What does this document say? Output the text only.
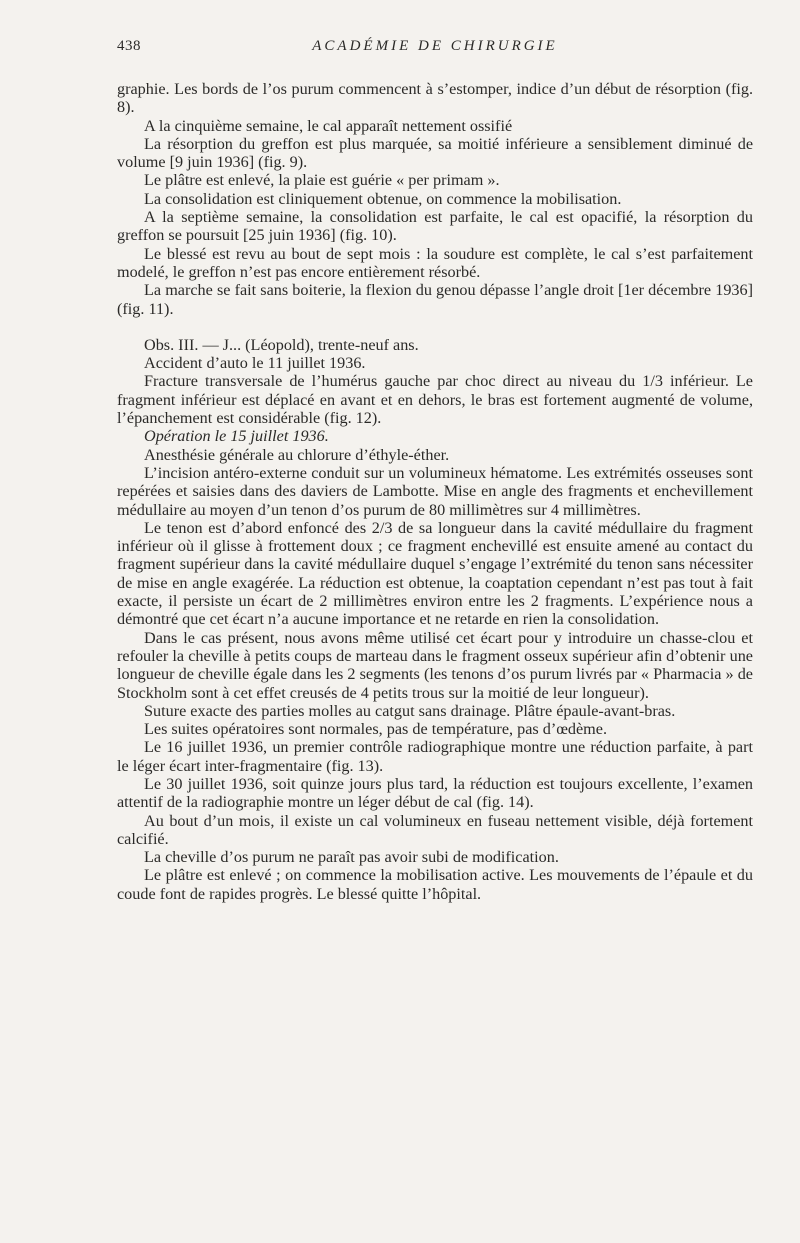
438	ACADÉMIE DE CHIRURGIE

graphie. Les bords de l’os purum commencent à s’estomper, indice d’un début de résorption (fig. 8).

A la cinquième semaine, le cal apparaît nettement ossifié

La résorption du greffon est plus marquée, sa moitié inférieure a sensiblement diminué de volume [9 juin 1936] (fig. 9).

Le plâtre est enlevé, la plaie est guérie « per primam ».

La consolidation est cliniquement obtenue, on commence la mobilisation.

A la septième semaine, la consolidation est parfaite, le cal est opacifié, la résorption du greffon se poursuit [25 juin 1936] (fig. 10).

Le blessé est revu au bout de sept mois : la soudure est complète, le cal s’est parfaitement modelé, le greffon n’est pas encore entièrement résorbé.

La marche se fait sans boiterie, la flexion du genou dépasse l’angle droit [1er décembre 1936] (fig. 11).

Obs. III. — J... (Léopold), trente-neuf ans.

Accident d’auto le 11 juillet 1936.

Fracture transversale de l’humérus gauche par choc direct au niveau du 1/3 inférieur. Le fragment inférieur est déplacé en avant et en dehors, le bras est fortement augmenté de volume, l’épanchement est considérable (fig. 12).

Opération le 15 juillet 1936.

Anesthésie générale au chlorure d’éthyle-éther.

L’incision antéro-externe conduit sur un volumineux hématome. Les extrémités osseuses sont repérées et saisies dans des daviers de Lambotte. Mise en angle des fragments et enchevillement médullaire au moyen d’un tenon d’os purum de 80 millimètres sur 4 millimètres.

Le tenon est d’abord enfoncé des 2/3 de sa longueur dans la cavité médullaire du fragment inférieur où il glisse à frottement doux ; ce fragment enchevillé est ensuite amené au contact du fragment supérieur dans la cavité médullaire duquel s’engage l’extrémité du tenon sans nécessiter de mise en angle exagérée. La réduction est obtenue, la coaptation cependant n’est pas tout à fait exacte, il persiste un écart de 2 millimètres environ entre les 2 fragments. L’expérience nous a démontré que cet écart n’a aucune importance et ne retarde en rien la consolidation.

Dans le cas présent, nous avons même utilisé cet écart pour y introduire un chasse-clou et refouler la cheville à petits coups de marteau dans le fragment osseux supérieur afin d’obtenir une longueur de cheville égale dans les 2 segments (les tenons d’os purum livrés par « Pharmacia » de Stockholm sont à cet effet creusés de 4 petits trous sur la moitié de leur longueur).

Suture exacte des parties molles au catgut sans drainage. Plâtre épaule-avant-bras.

Les suites opératoires sont normales, pas de température, pas d’œdème.

Le 16 juillet 1936, un premier contrôle radiographique montre une réduction parfaite, à part le léger écart inter-fragmentaire (fig. 13).

Le 30 juillet 1936, soit quinze jours plus tard, la réduction est toujours excellente, l’examen attentif de la radiographie montre un léger début de cal (fig. 14).

Au bout d’un mois, il existe un cal volumineux en fuseau nettement visible, déjà fortement calcifié.

La cheville d’os purum ne paraît pas avoir subi de modification.

Le plâtre est enlevé ; on commence la mobilisation active. Les mouvements de l’épaule et du coude font de rapides progrès. Le blessé quitte l’hôpital.
